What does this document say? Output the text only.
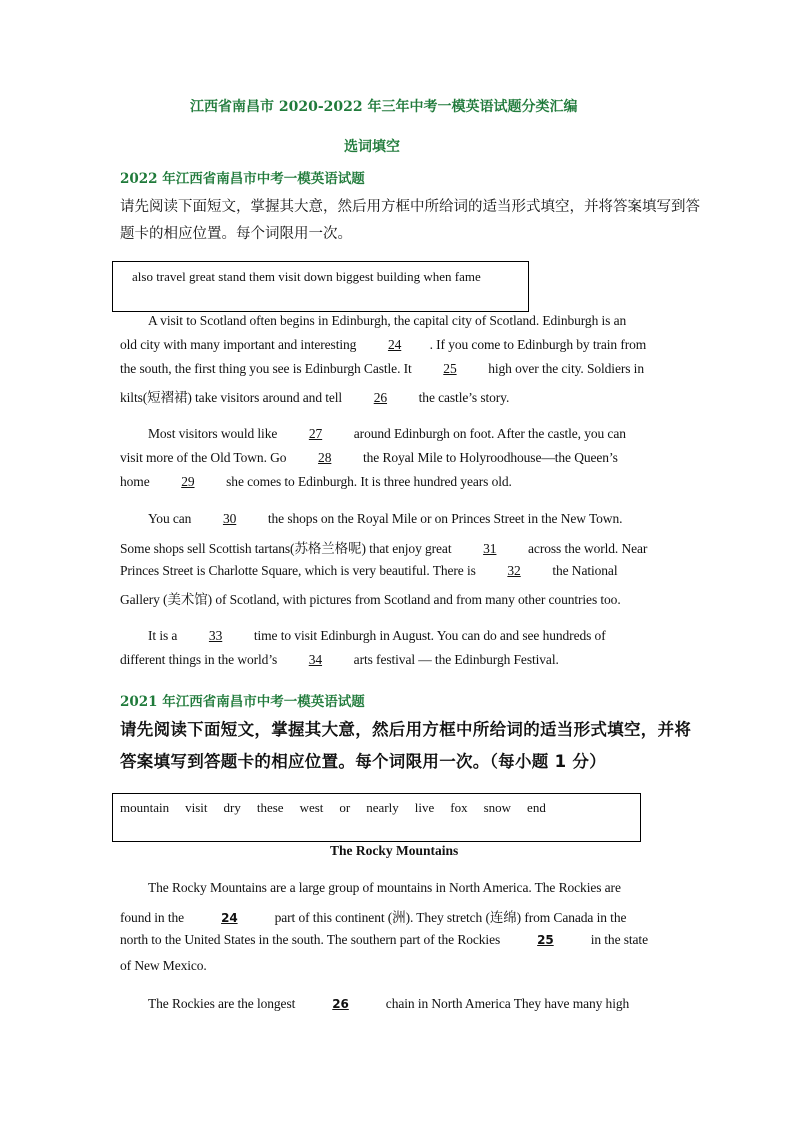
江西省南昌市 2020-2022 年三年中考一模英语试题分类汇编
选词填空
2022 年江西省南昌市中考一模英语试题
请先阅读下面短文，掌握其大意，然后用方框中所给词的适当形式填空，并将答案填写到答
题卡的相应位置。每个词限用一次。
also travel great stand them visit down biggest building when fame
A visit to Scotland often begins in Edinburgh, the capital city of Scotland. Edinburgh is an
old city with many important and interesting 24 . If you come to Edinburgh by train from
the south, the first thing you see is Edinburgh Castle. It 25 high over the city. Soldiers in
kilts(短褶裙) take visitors around and tell 26 the castle’s story.
Most visitors would like 27 around Edinburgh on foot. After the castle, you can
visit more of the Old Town. Go 28 the Royal Mile to Holyroodhouse—the Queen’s
home 29 she comes to Edinburgh. It is three hundred years old.
You can 30 the shops on the Royal Mile or on Princes Street in the New Town.
Some shops sell Scottish tartans(苏格兰格呢) that enjoy great 31 across the world. Near
Princes Street is Charlotte Square, which is very beautiful. There is 32 the National
Gallery (美术馆) of Scotland, with pictures from Scotland and from many other countries too.
It is a 33 time to visit Edinburgh in August. You can do and see hundreds of
different things in the world’s 34 arts festival — the Edinburgh Festival.
2021 年江西省南昌市中考一模英语试题
请先阅读下面短文，掌握其大意，然后用方框中所给词的适当形式填空，并将
答案填写到答题卡的相应位置。每个词限用一次。（每小题 1 分）
mountain visit dry these west or nearly live fox snow end
The Rocky Mountains
The Rocky Mountains are a large group of mountains in North America. The Rockies are
found in the	24	part of this continent (洲). They stretch (连绵) from Canada in the
north to the United States in the south. The southern part of the Rockies	25	in the state
of New Mexico.
The Rockies are the longest	26	chain in North America They have many high
